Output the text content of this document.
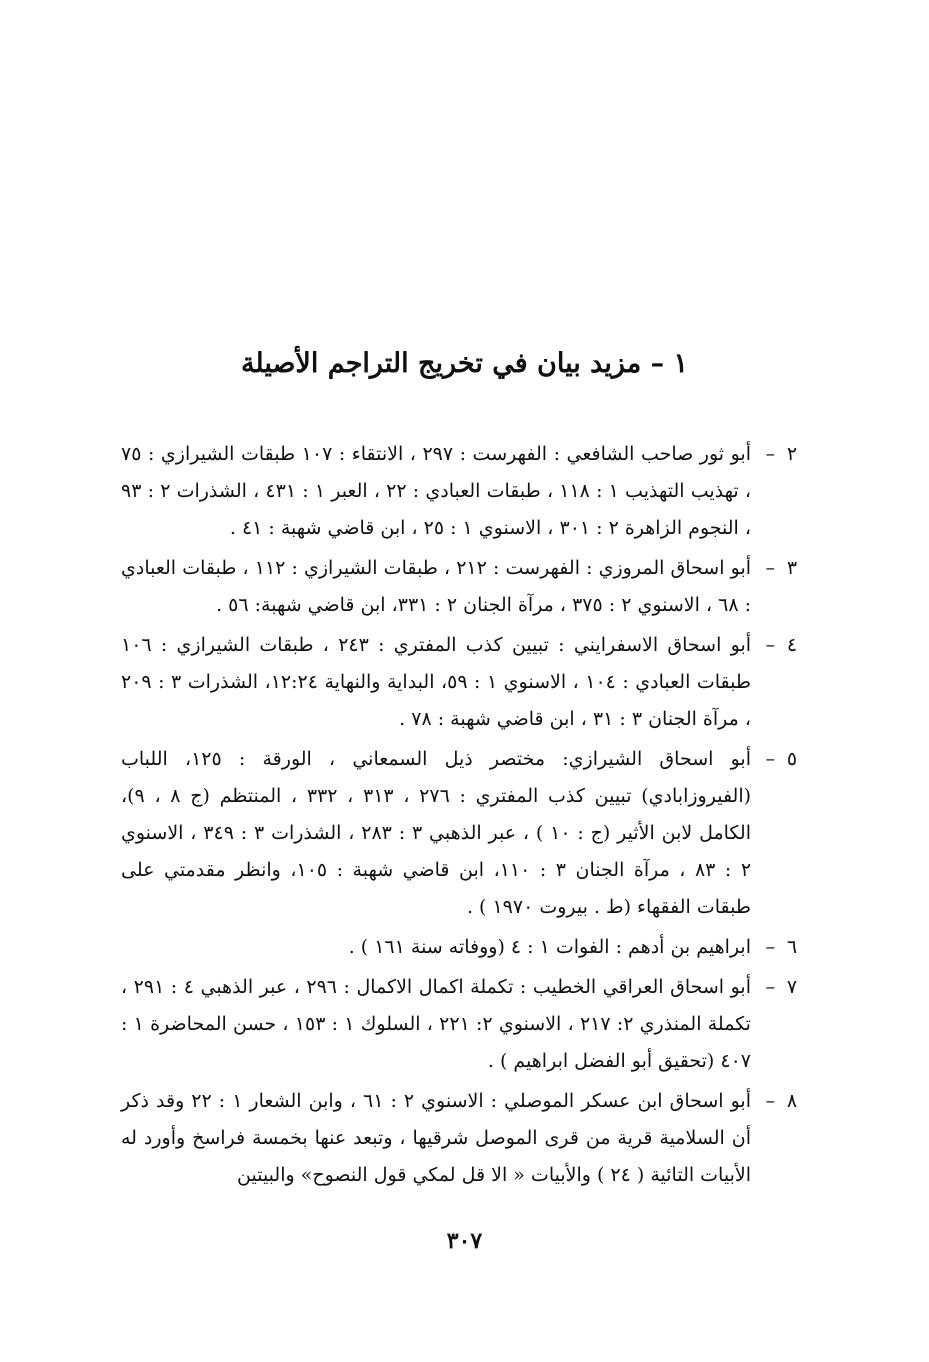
١ – مزيد بيان في تخريج التراجم الأصيلة
٢
–
أبو ثور صاحب الشافعي : الفهرست : ٢٩٧ ، الانتقاء : ١٠٧ طبقات الشيرازي : ٧٥ ، تهذيب التهذيب ١ : ١١٨ ، طبقات العبادي : ٢٢ ، العبر ١ : ٤٣١ ، الشذرات ٢ : ٩٣ ، النجوم الزاهرة ٢ : ٣٠١ ، الاسنوي ١ : ٢٥ ، ابن قاضي شهبة : ٤١ .
٣
–
أبو اسحاق المروزي : الفهرست : ٢١٢ ، طبقات الشيرازي : ١١٢ ، طبقات العبادي : ٦٨ ، الاسنوي ٢ : ٣٧٥ ، مرآة الجنان ٢ : ٣٣١، ابن قاضي شهبة: ٥٦ .
٤
–
أبو اسحاق الاسفرايني : تبيين كذب المفتري : ٢٤٣ ، طبقات الشيرازي : ١٠٦ طبقات العبادي : ١٠٤ ، الاسنوي ١ : ٥٩، البداية والنهاية ١٢:٢٤، الشذرات ٣ : ٢٠٩ ، مرآة الجنان ٣ : ٣١ ، ابن قاضي شهبة : ٧٨ .
٥
–
أبو اسحاق الشيرازي: مختصر ذيل السمعاني ، الورقة : ١٢٥، اللباب (الفيروزابادي) تبيين كذب المفتري : ٢٧٦ ، ٣١٣ ، ٣٣٢ ، المنتظم (ج ٨ ، ٩)، الكامل لابن الأثير (ج : ١٠ ) ، عبر الذهبي ٣ : ٢٨٣ ، الشذرات ٣ : ٣٤٩ ، الاسنوي ٢ : ٨٣ ، مرآة الجنان ٣ : ١١٠، ابن قاضي شهبة : ١٠٥، وانظر مقدمتي على طبقات الفقهاء (ط . بيروت ١٩٧٠ ) .
٦
–
ابراهيم بن أدهم : الفوات ١ : ٤ (ووفاته سنة ١٦١ ) .
٧
–
أبو اسحاق العراقي الخطيب : تكملة اكمال الاكمال : ٢٩٦ ، عبر الذهبي ٤ : ٢٩١ ، تكملة المنذري ٢: ٢١٧ ، الاسنوي ٢: ٢٢١ ، السلوك ١ : ١٥٣ ، حسن المحاضرة ١ : ٤٠٧ (تحقيق أبو الفضل ابراهيم ) .
٨
–
أبو اسحاق ابن عسكر الموصلي : الاسنوي ٢ : ٦١ ، وابن الشعار ١ : ٢٢ وقد ذكر أن السلامية قرية من قرى الموصل شرقيها ، وتبعد عنها بخمسة فراسخ وأورد له الأبيات التائية ( ٢٤ ) والأبيات « الا قل لمكي قول النصوح» والبيتين
٣٠٧
